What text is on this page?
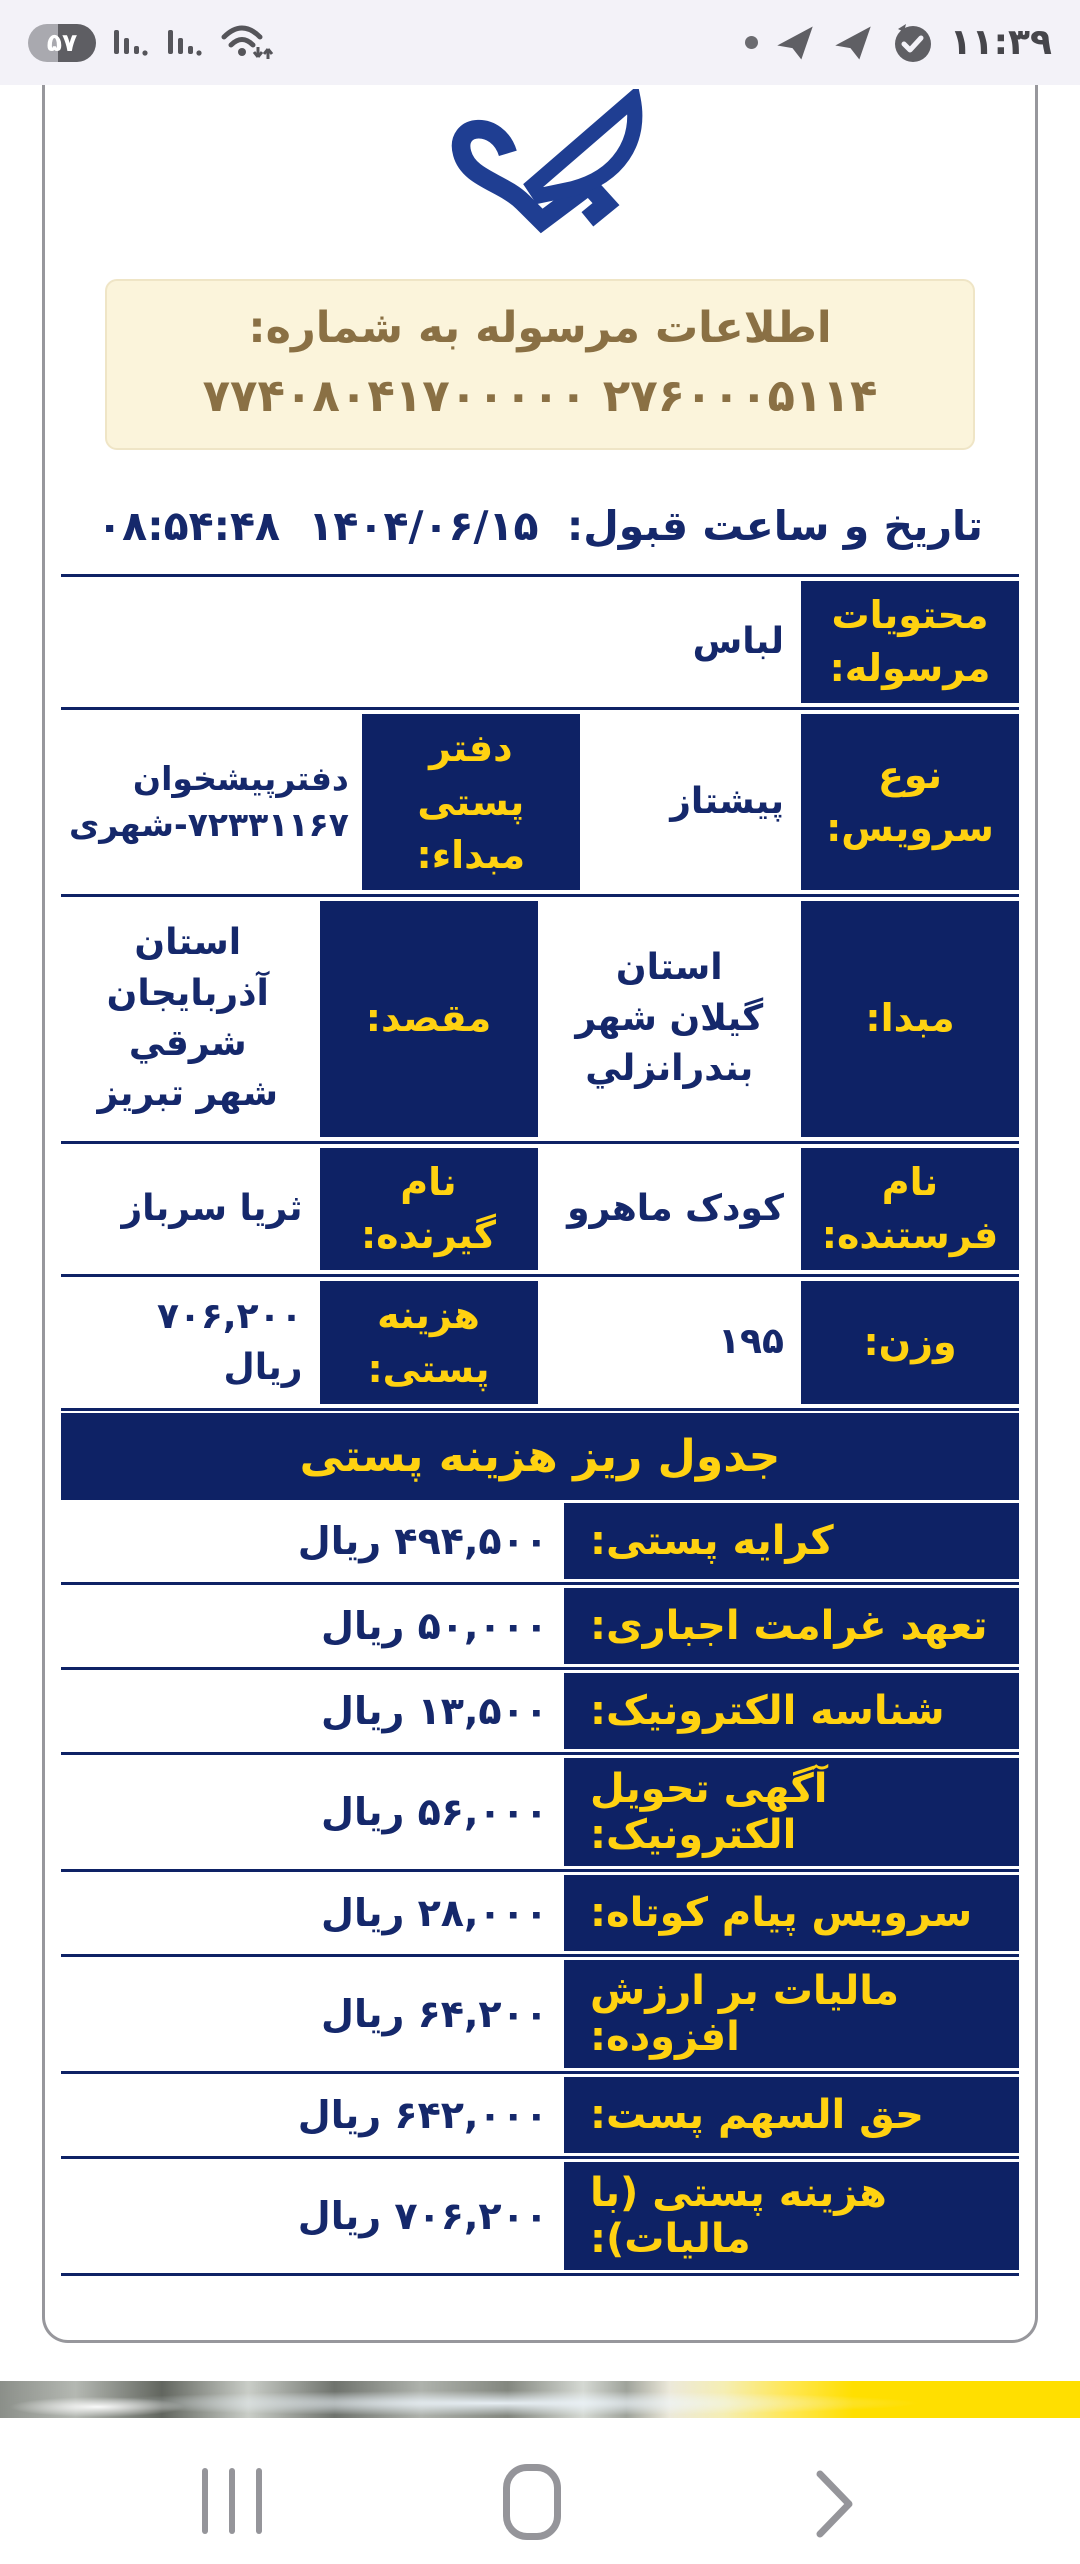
۵۷	۱۱:۳۹
اطلاعات مرسوله به شماره:
۷۷۴۰۸۰۴۱۷۰۰۰۰۰ ۲۷۶۰۰۰۵۱۱۴
تاریخ و ساعت قبول: ۱۴۰۴/۰۶/۱۵ ۰۸:۵۴:۴۸
محتویات مرسوله:
لباس
نوع سرویس:
پیشتاز
دفتر پستی مبداء:
دفترپیشخوان ۷۲۳۳۱۱۶۷-شهری
مبدا:
استان گیلان شهر بندرانزلي
مقصد:
استان آذربایجان شرقي شهر تبریز
نام فرستنده:
کودک ماهرو
نام گیرنده:
ثریا سرباز
وزن:
۱۹۵
هزینه پستی:
۷۰۶,۲۰۰ ریال
جدول ریز هزینه پستی
کرایه پستی:
۴۹۴,۵۰۰ ریال
تعهد غرامت اجباری:
۵۰,۰۰۰ ریال
شناسه الکترونیک:
۱۳,۵۰۰ ریال
آگهی تحویل الکترونیک:
۵۶,۰۰۰ ریال
سرویس پیام کوتاه:
۲۸,۰۰۰ ریال
مالیات بر ارزش افزوده:
۶۴,۲۰۰ ریال
حق السهم پست:
۶۴۲,۰۰۰ ریال
هزینه پستی (با مالیات):
۷۰۶,۲۰۰ ریال
